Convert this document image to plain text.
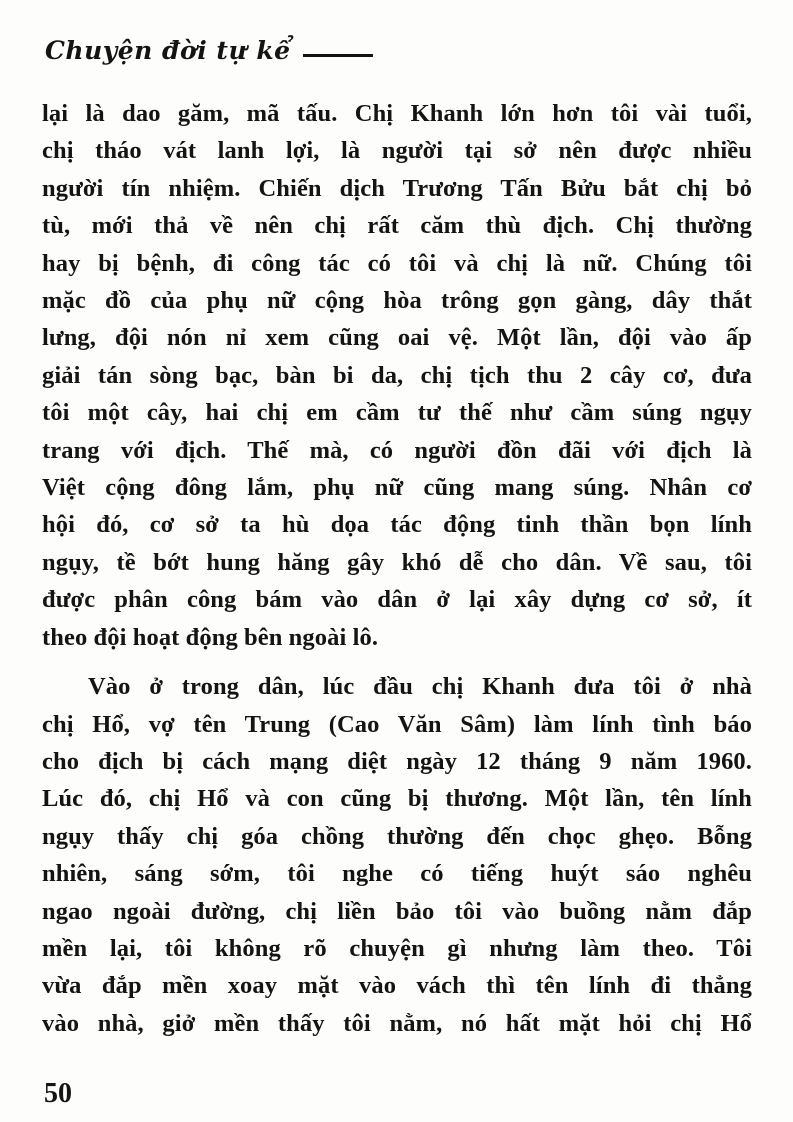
Chuyện đời tự kể
lại là dao găm, mã tấu. Chị Khanh lớn hơn tôi vài tuổi,
chị tháo vát lanh lợi, là người tại sở nên được nhiều
người tín nhiệm. Chiến dịch Trương Tấn Bửu bắt chị bỏ
tù, mới thả về nên chị rất căm thù địch. Chị thường
hay bị bệnh, đi công tác có tôi và chị là nữ. Chúng tôi
mặc đồ của phụ nữ cộng hòa trông gọn gàng, dây thắt
lưng, đội nón nỉ xem cũng oai vệ. Một lần, đội vào ấp
giải tán sòng bạc, bàn bi da, chị tịch thu 2 cây cơ, đưa
tôi một cây, hai chị em cầm tư thế như cầm súng ngụy
trang với địch. Thế mà, có người đồn đãi với địch là
Việt cộng đông lắm, phụ nữ cũng mang súng. Nhân cơ
hội đó, cơ sở ta hù dọa tác động tinh thần bọn lính
ngụy, tề bớt hung hăng gây khó dễ cho dân. Về sau, tôi
được phân công bám vào dân ở lại xây dựng cơ sở, ít
theo đội hoạt động bên ngoài lô.
Vào ở trong dân, lúc đầu chị Khanh đưa tôi ở nhà
chị Hổ, vợ tên Trung (Cao Văn Sâm) làm lính tình báo
cho địch bị cách mạng diệt ngày 12 tháng 9 năm 1960.
Lúc đó, chị Hổ và con cũng bị thương. Một lần, tên lính
ngụy thấy chị góa chồng thường đến chọc ghẹo. Bỗng
nhiên, sáng sớm, tôi nghe có tiếng huýt sáo nghêu
ngao ngoài đường, chị liền bảo tôi vào buồng nằm đắp
mền lại, tôi không rõ chuyện gì nhưng làm theo. Tôi
vừa đắp mền xoay mặt vào vách thì tên lính đi thẳng
vào nhà, giở mền thấy tôi nằm, nó hất mặt hỏi chị Hổ
50
